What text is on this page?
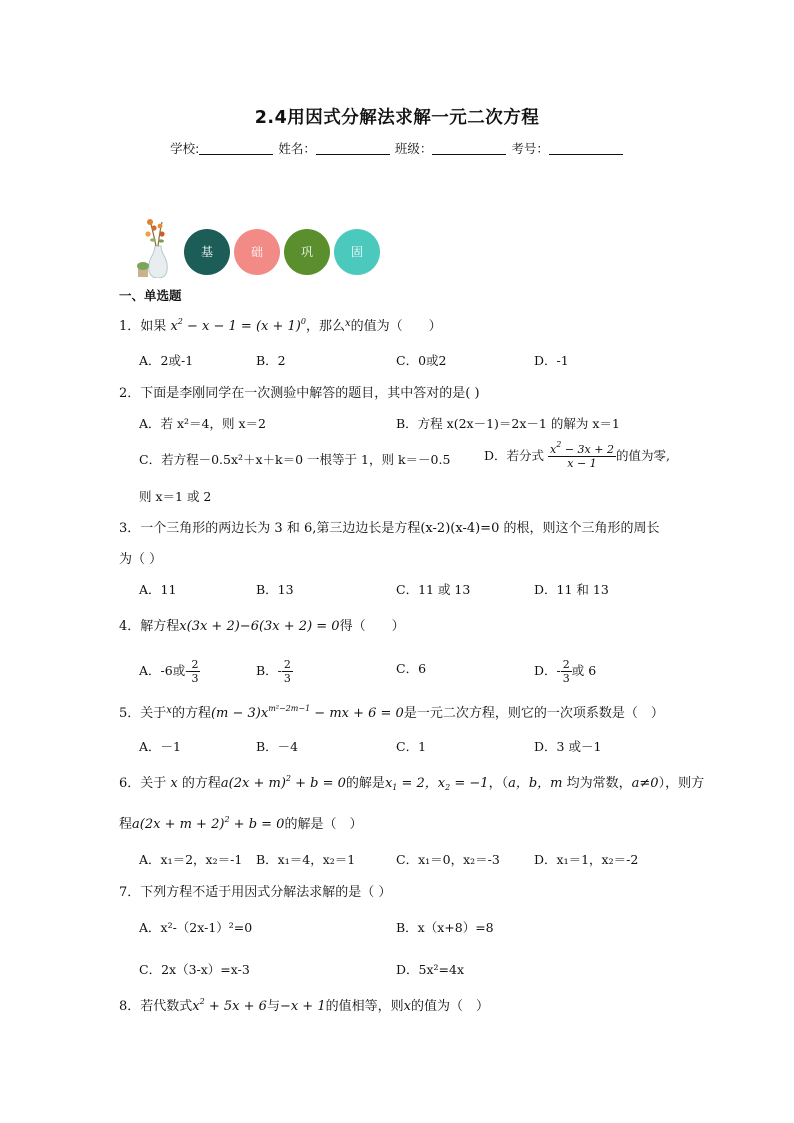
2.4用因式分解法求解一元二次方程
学校:	姓名：	班级：	考号：
基	础	巩	固
一、单选题
1．如果 $x^2 - x - 1 = (x + 1)^0$，那么$^x$的值为（　　）
A．2或-1	B．2	C．0或2	D．-1
2．下面是李刚同学在一次测验中解答的题目，其中答对的是( )
A．若 x²＝4，则 x＝2	B．方程 x(2x－1)＝2x－1 的解为 x＝1
C．若方程－0.5x²＋x＋k＝0 一根等于 1，则 k＝－0.5	D．若分式 $\frac{x^2 - 3x + 2}{x - 1}$ 的值为零,
则 x＝1 或 2
3．一个三角形的两边长为 3 和 6,第三边边长是方程(x-2)(x-4)=0 的根，则这个三角形的周长
为（ ）
A．11	B．13	C．11 或 13	D．11 和 13
4．解方程x(3x + 2)−6(3x + 2) = 0得（　　）
A．-6或- $\frac{2}{3}$	B．- $\frac{2}{3}$	C．6	D．- $\frac{2}{3}$ 或 6
5．关于$^x$的方程$(m - 3)x^{m^2-2m-1}$ − mx + 6 = 0是一元二次方程，则它的一次项系数是（　）
A．－1	B．－4	C．1	D．3 或－1
6．关于 x 的方程$a(2x + m)^2 + b = 0$的解是$x_1 = 2$，$x_2 = -1$，（a，b，m 均为常数，a≠0），则方
程$a(2x + m + 2)^2 + b = 0$的解是（　）
A．x₁＝2，x₂＝-1 B．x₁＝4，x₂＝1	C．x₁＝0，x₂＝-3	D．x₁＝1，x₂＝-2
7．下列方程不适于用因式分解法求解的是（ ）
A．x²-（2x-1）²=0	B．x（x+8）=8
C．2x（3-x）=x-3	D．5x²=4x
8．若代数式$x^2 + 5x + 6$与−x + 1的值相等，则x的值为（　）
